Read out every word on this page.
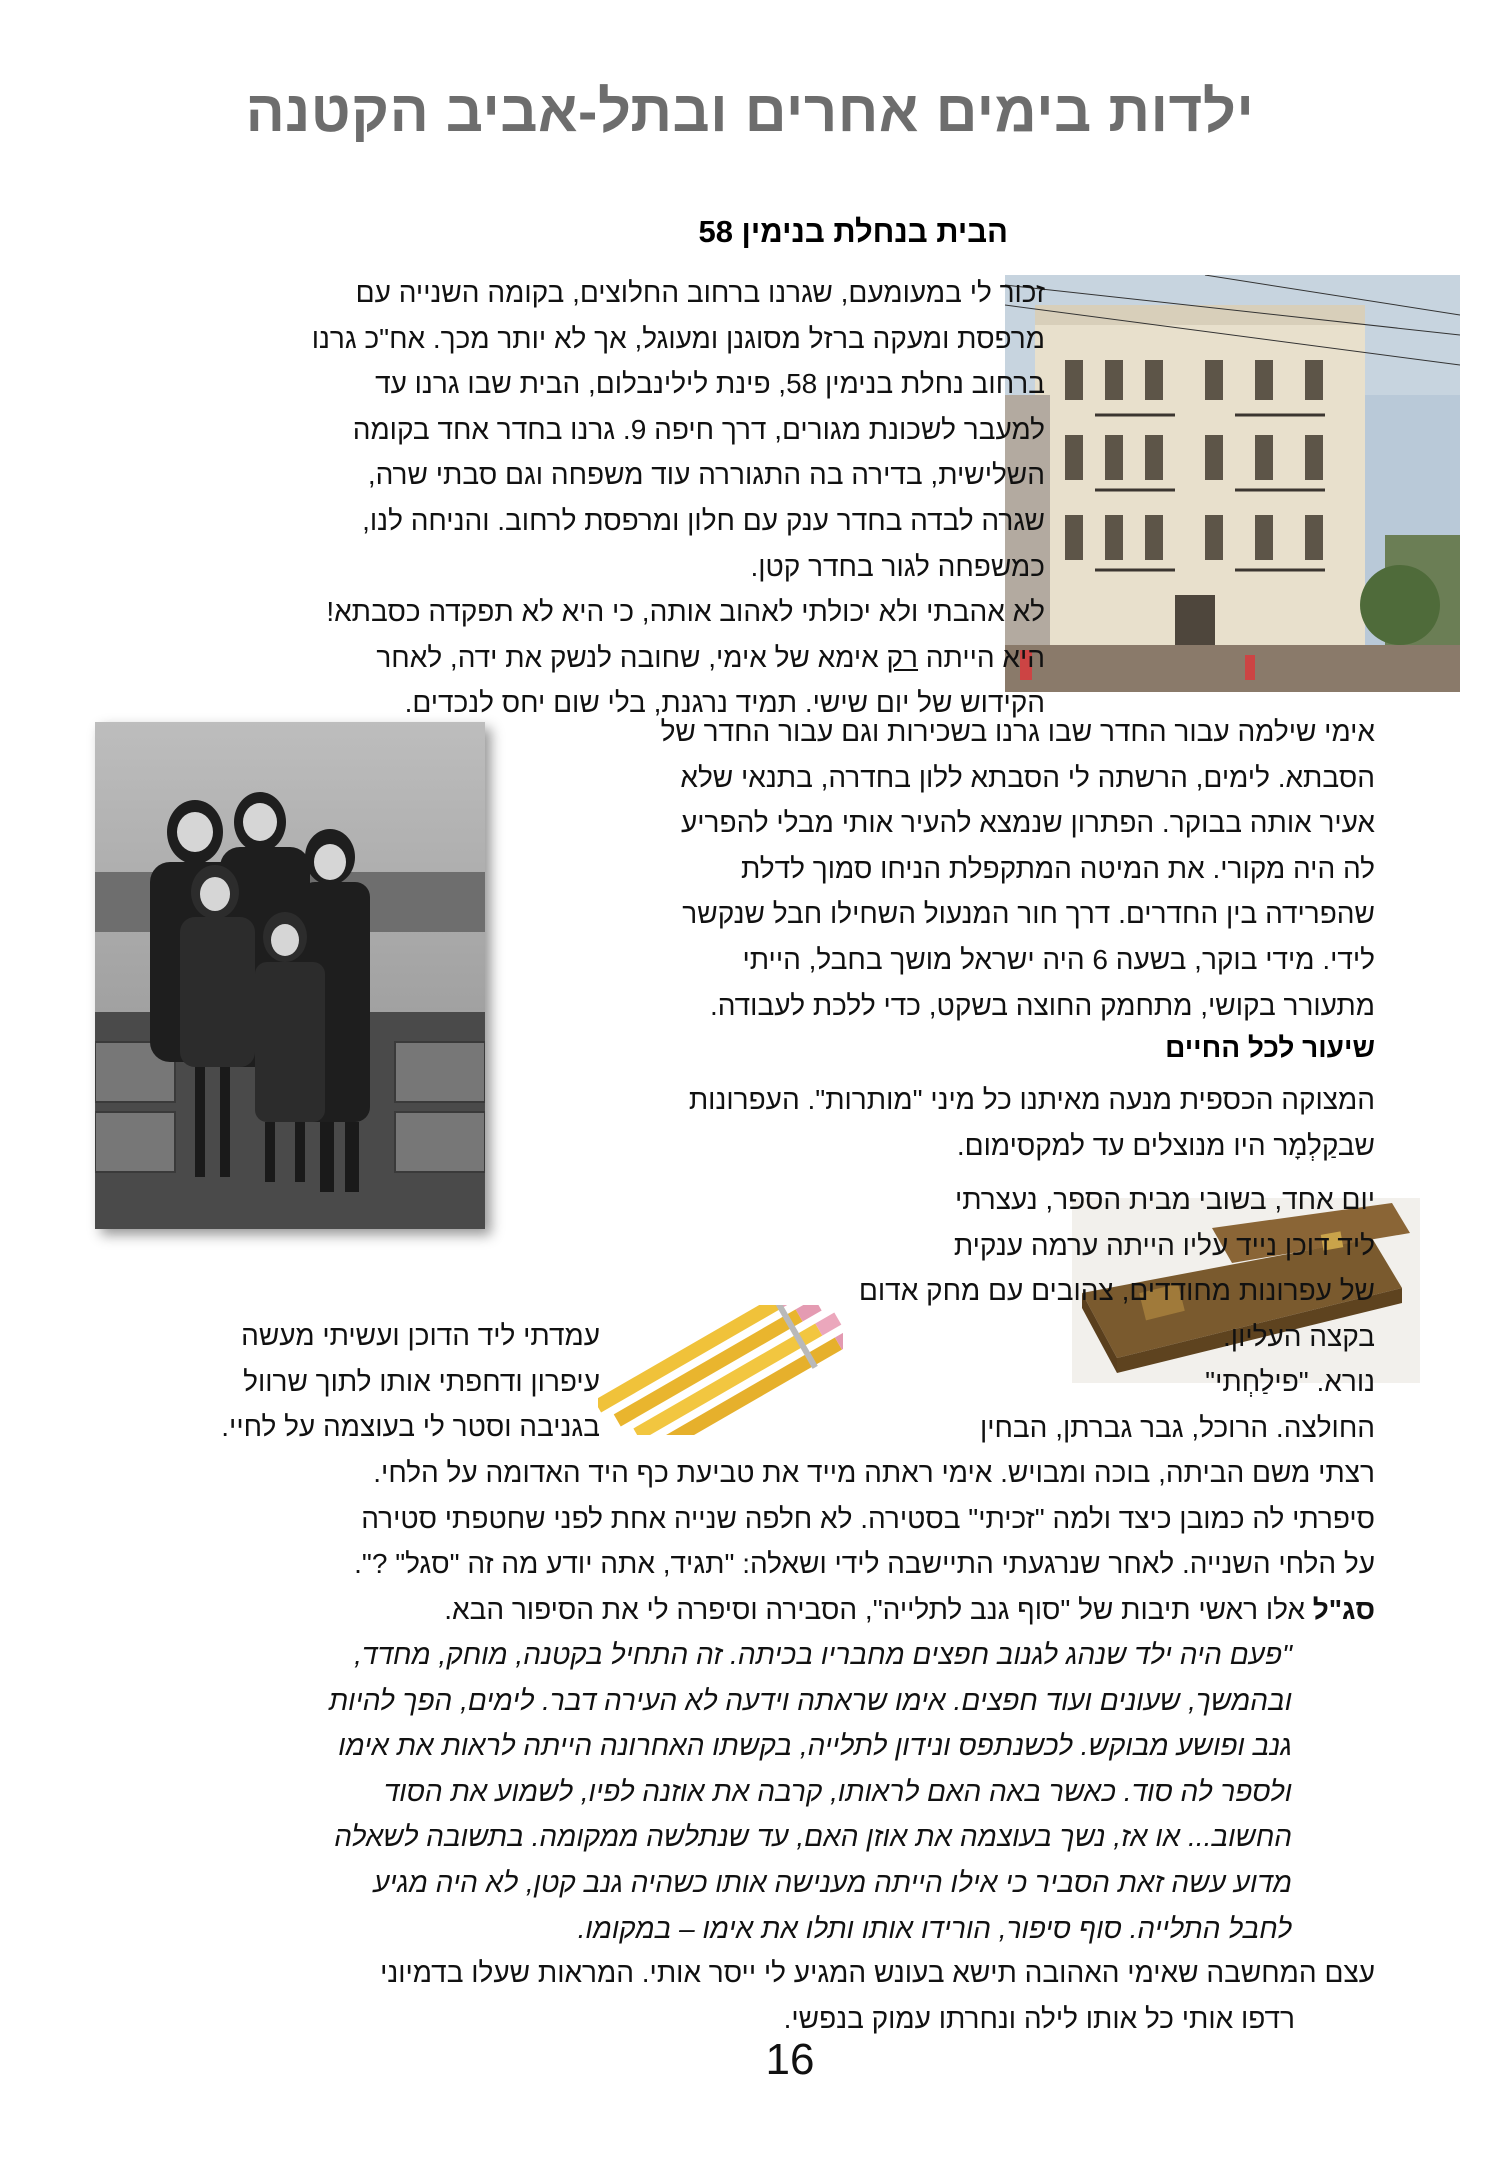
ילדות בימים אחרים ובתל-אביב הקטנה
הבית בנחלת בנימין 58
זכור לי במעומעם, שגרנו ברחוב החלוצים, בקומה השנייה עם
מרפסת ומעקה ברזל מסוגנן ומעוגל, אך לא יותר מכך. אח"כ גרנו
ברחוב נחלת בנימין 58, פינת לילינבלום, הבית שבו גרנו עד
למעבר לשכונת מגורים, דרך חיפה 9. גרנו בחדר אחד בקומה
השלישית, בדירה בה התגוררה עוד משפחה וגם סבתי שרה,
שגרה לבדה בחדר ענק עם חלון ומרפסת לרחוב. והניחה לנו,
כמשפחה לגור בחדר קטן.
לא אהבתי ולא יכולתי לאהוב אותה, כי היא לא תפקדה כסבתא!
היא הייתה רק אימא של אימי, שחובה לנשק את ידה, לאחר
הקידוש של יום שישי. תמיד נרגנת, בלי שום יחס לנכדים.
אימי שילמה עבור החדר שבו גרנו בשכירות וגם עבור החדר של
הסבתא. לימים, הרשתה לי הסבתא ללון בחדרה, בתנאי שלא
אעיר אותה בבוקר. הפתרון שנמצא להעיר אותי מבלי להפריע
לה היה מקורי. את המיטה המתקפלת הניחו סמוך לדלת
שהפרידה בין החדרים. דרך חור המנעול השחילו חבל שנקשר
לידי. מידי בוקר, בשעה 6 היה ישראל מושך בחבל, הייתי
מתעורר בקושי, מתחמק החוצה בשקט, כדי ללכת לעבודה.
שיעור לכל החיים
המצוקה הכספית מנעה מאיתנו כל מיני "מותרות". העפרונות
שבקַלְמָר היו מנוצלים עד למקסימום.
יום אחד, בשובי מבית הספר, נעצרתי
ליד דוכן נייד עליו הייתה ערמה ענקית
של עפרונות מחודדים, צהובים עם מחק אדום
בקצה העליון.
עמדתי ליד הדוכן ועשיתי מעשה
עיפרון ודחפתי אותו לתוך שרוול
בגניבה וסטר לי בעוצמה על לחיי.
נורא. "פילַחְתי"
החולצה. הרוכל, גבר גברתן, הבחין
רצתי משם הביתה, בוכה ומבויש. אימי ראתה מייד את טביעת כף היד האדומה על הלחי.
סיפרתי לה כמובן כיצד ולמה "זכיתי" בסטירה. לא חלפה שנייה אחת לפני שחטפתי סטירה
על הלחי השנייה. לאחר שנרגעתי התיישבה לידי ושאלה: "תגיד, אתה יודע מה זה "סגל" ?".
סג"ל אלו ראשי תיבות של "סוף גנב לתלייה", הסבירה וסיפרה לי את הסיפור הבא.
"פעם היה ילד שנהג לגנוב חפצים מחבריו בכיתה. זה התחיל בקטנה, מוחק, מחדד,
ובהמשך, שעונים ועוד חפצים. אימו שראתה וידעה לא העירה דבר. לימים, הפך להיות
גנב ופושע מבוקש. לכשנתפס ונידון לתלייה, בקשתו האחרונה הייתה לראות את אימו
ולספר לה סוד. כאשר באה האם לראותו, קרבה את אוזנה לפיו, לשמוע את הסוד
החשוב... או אז, נשך בעוצמה את אוזן האם, עד שנתלשה ממקומה. בתשובה לשאלה
מדוע עשה זאת הסביר כי אילו הייתה מענישה אותו כשהיה גנב קטן, לא היה מגיע
לחבל התלייה. סוף סיפור, הורידו אותו ותלו את אימו – במקומו.
עצם המחשבה שאימי האהובה תישא בעונש המגיע לי ייסר אותי. המראות שעלו בדמיוני
רדפו אותי כל אותו לילה ונחרתו עמוק בנפשי.
16
